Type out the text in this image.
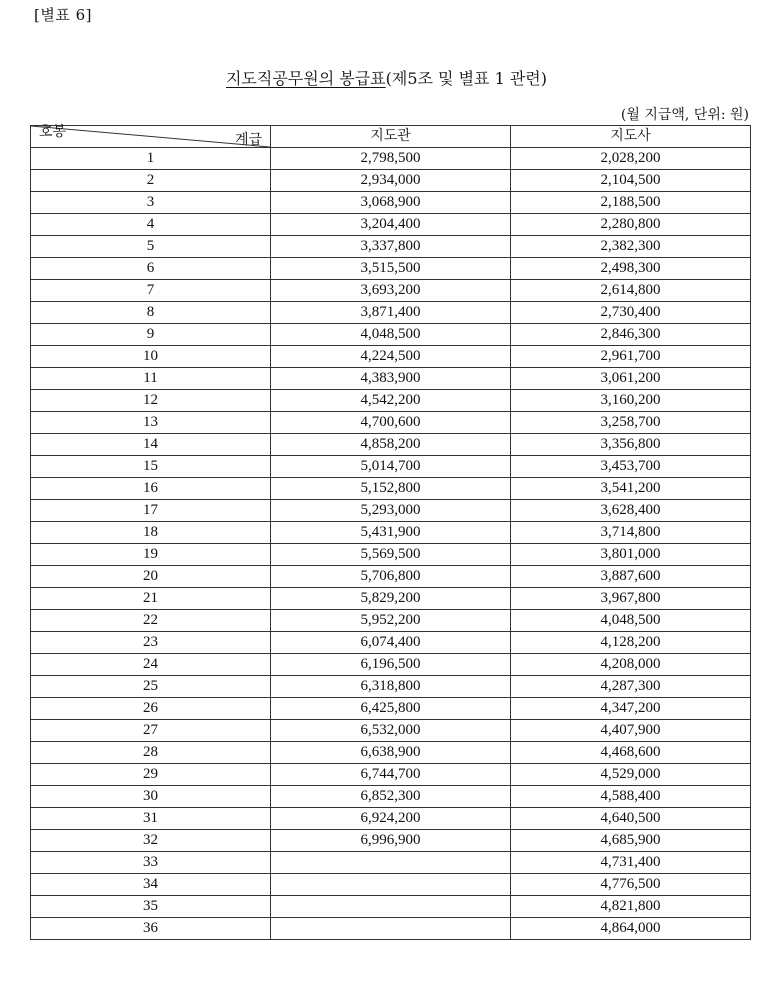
[별표 6]
지도직공무원의 봉급표(제5조 및 별표 1 관련)
(월 지급액, 단위: 원)
계급
호봉	지도관	지도사
1	2,798,500	2,028,200
2	2,934,000	2,104,500
3	3,068,900	2,188,500
4	3,204,400	2,280,800
5	3,337,800	2,382,300
6	3,515,500	2,498,300
7	3,693,200	2,614,800
8	3,871,400	2,730,400
9	4,048,500	2,846,300
10	4,224,500	2,961,700
11	4,383,900	3,061,200
12	4,542,200	3,160,200
13	4,700,600	3,258,700
14	4,858,200	3,356,800
15	5,014,700	3,453,700
16	5,152,800	3,541,200
17	5,293,000	3,628,400
18	5,431,900	3,714,800
19	5,569,500	3,801,000
20	5,706,800	3,887,600
21	5,829,200	3,967,800
22	5,952,200	4,048,500
23	6,074,400	4,128,200
24	6,196,500	4,208,000
25	6,318,800	4,287,300
26	6,425,800	4,347,200
27	6,532,000	4,407,900
28	6,638,900	4,468,600
29	6,744,700	4,529,000
30	6,852,300	4,588,400
31	6,924,200	4,640,500
32	6,996,900	4,685,900
33		4,731,400
34		4,776,500
35		4,821,800
36		4,864,000
